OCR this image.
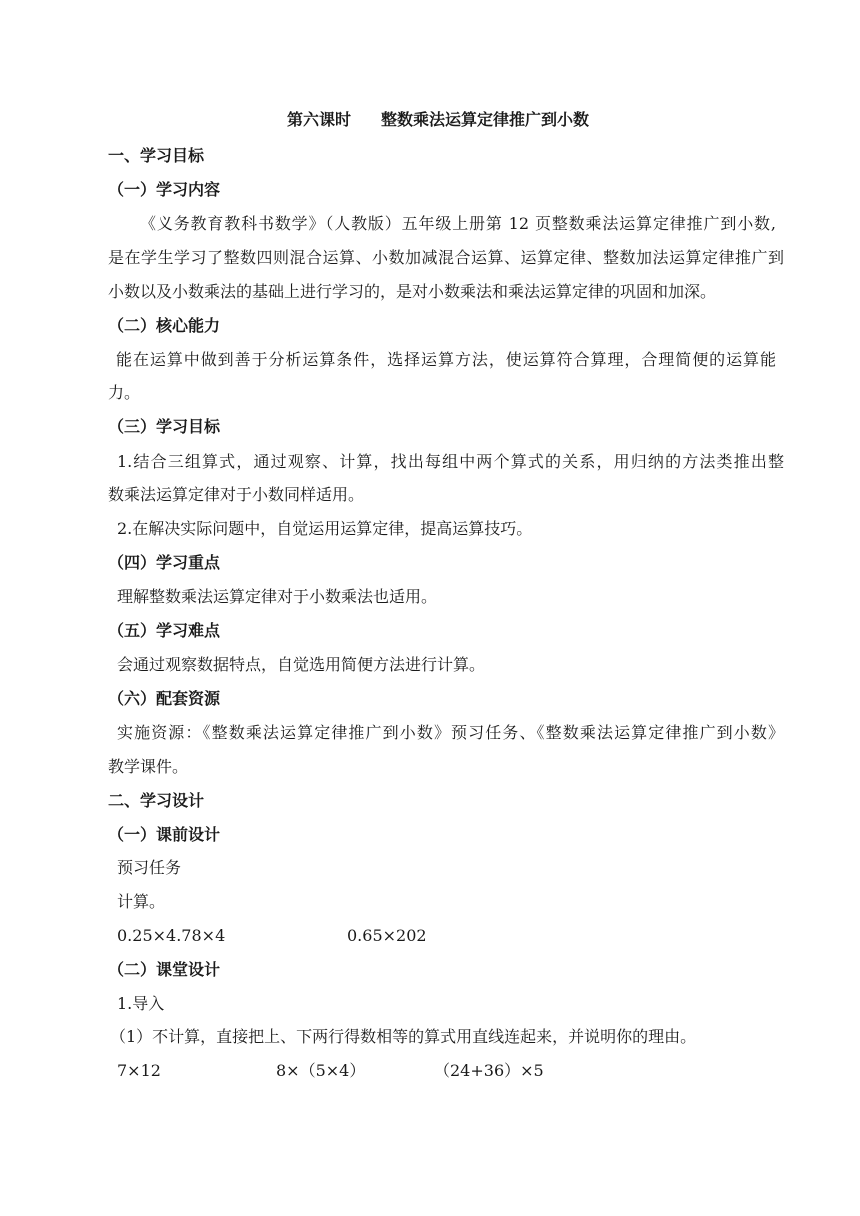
第六课时 整数乘法运算定律推广到小数
一、学习目标
（一）学习内容
《义务教育教科书数学》（人教版）五年级上册第 12 页整数乘法运算定律推广到小数,
是在学生学习了整数四则混合运算、小数加减混合运算、运算定律、整数加法运算定律推广到
小数以及小数乘法的基础上进行学习的，是对小数乘法和乘法运算定律的巩固和加深。
（二）核心能力
能在运算中做到善于分析运算条件，选择运算方法，使运算符合算理，合理简便的运算能
力。
（三）学习目标
1.结合三组算式，通过观察、计算，找出每组中两个算式的关系，用归纳的方法类推出整
数乘法运算定律对于小数同样适用。
2.在解决实际问题中，自觉运用运算定律，提高运算技巧。
（四）学习重点
理解整数乘法运算定律对于小数乘法也适用。
（五）学习难点
会通过观察数据特点，自觉选用简便方法进行计算。
（六）配套资源
实施资源：《整数乘法运算定律推广到小数》预习任务、《整数乘法运算定律推广到小数》
教学课件。
二、学习设计
（一）课前设计
预习任务
计算。
0.25×4.78×4	0.65×202
（二）课堂设计
1.导入
（1）不计算，直接把上、下两行得数相等的算式用直线连起来，并说明你的理由。
7×12	8×（5×4）	（24+36）×5
